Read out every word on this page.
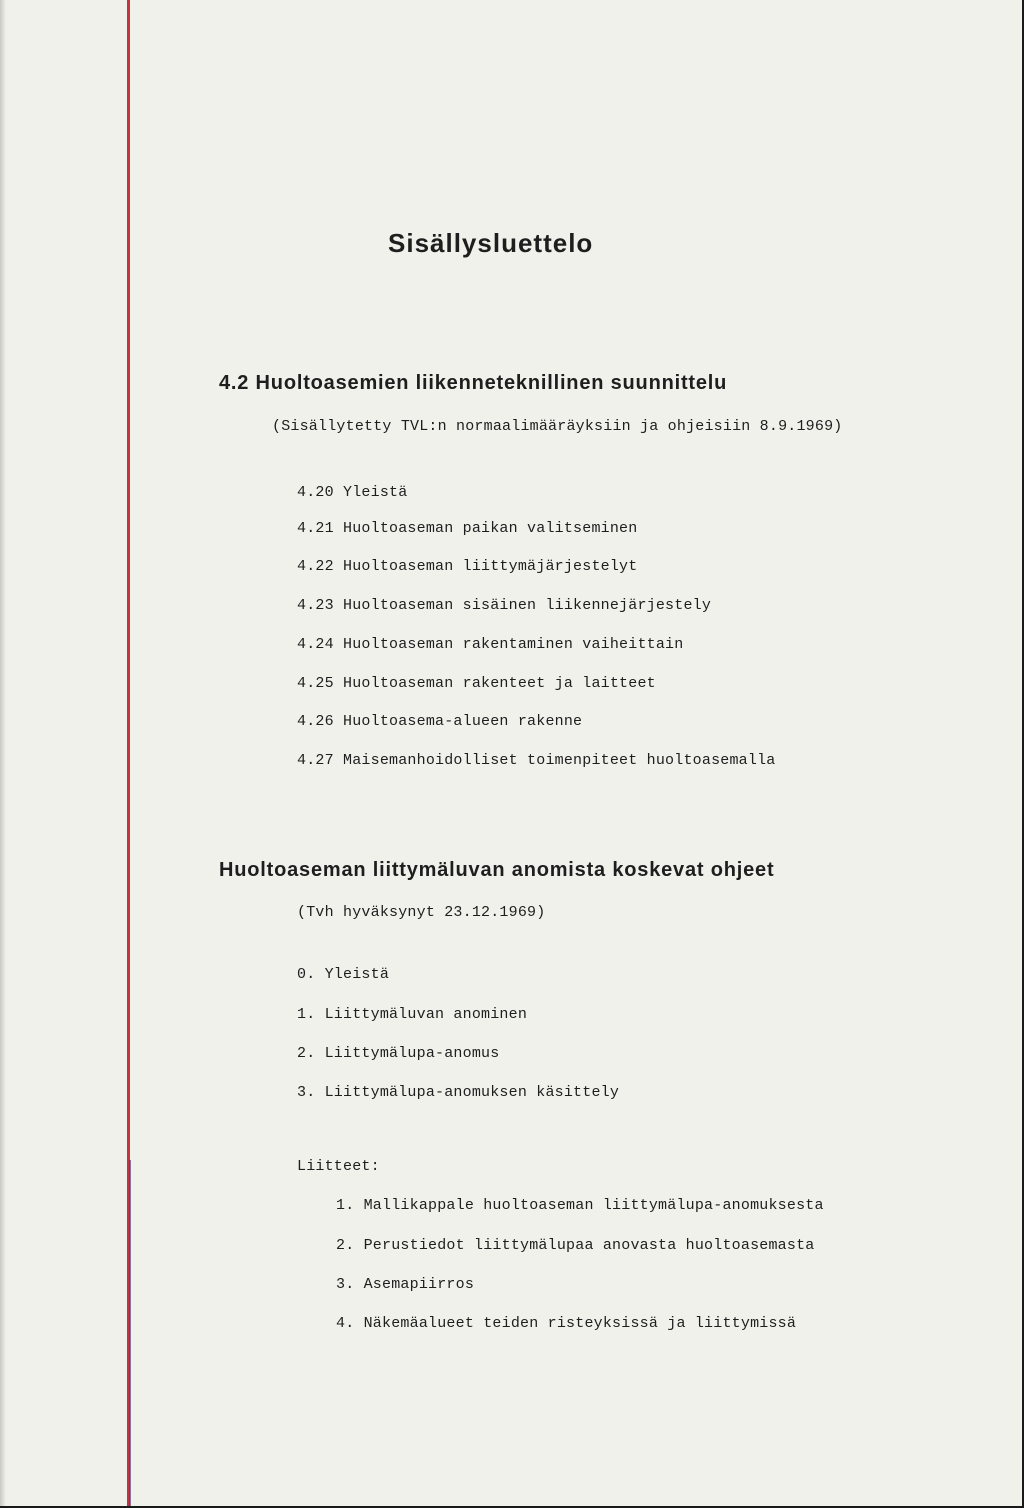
Sisällysluettelo
4.2 Huoltoasemien liikenneteknillinen suunnittelu
(Sisällytetty TVL:n normaalimääräyksiin ja ohjeisiin 8.9.1969)
4.20 Yleistä
4.21 Huoltoaseman paikan valitseminen
4.22 Huoltoaseman liittymäjärjestelyt
4.23 Huoltoaseman sisäinen liikennejärjestely
4.24 Huoltoaseman rakentaminen vaiheittain
4.25 Huoltoaseman rakenteet ja laitteet
4.26 Huoltoasema-alueen rakenne
4.27 Maisemanhoidolliset toimenpiteet huoltoasemalla
Huoltoaseman liittymäluvan anomista koskevat ohjeet
(Tvh hyväksynyt 23.12.1969)
0. Yleistä
1. Liittymäluvan anominen
2. Liittymälupa-anomus
3. Liittymälupa-anomuksen käsittely
Liitteet:
1. Mallikappale huoltoaseman liittymälupa-anomuksesta
2. Perustiedot liittymälupaa anovasta huoltoasemasta
3. Asemapiirros
4. Näkemäalueet teiden risteyksissä ja liittymissä
